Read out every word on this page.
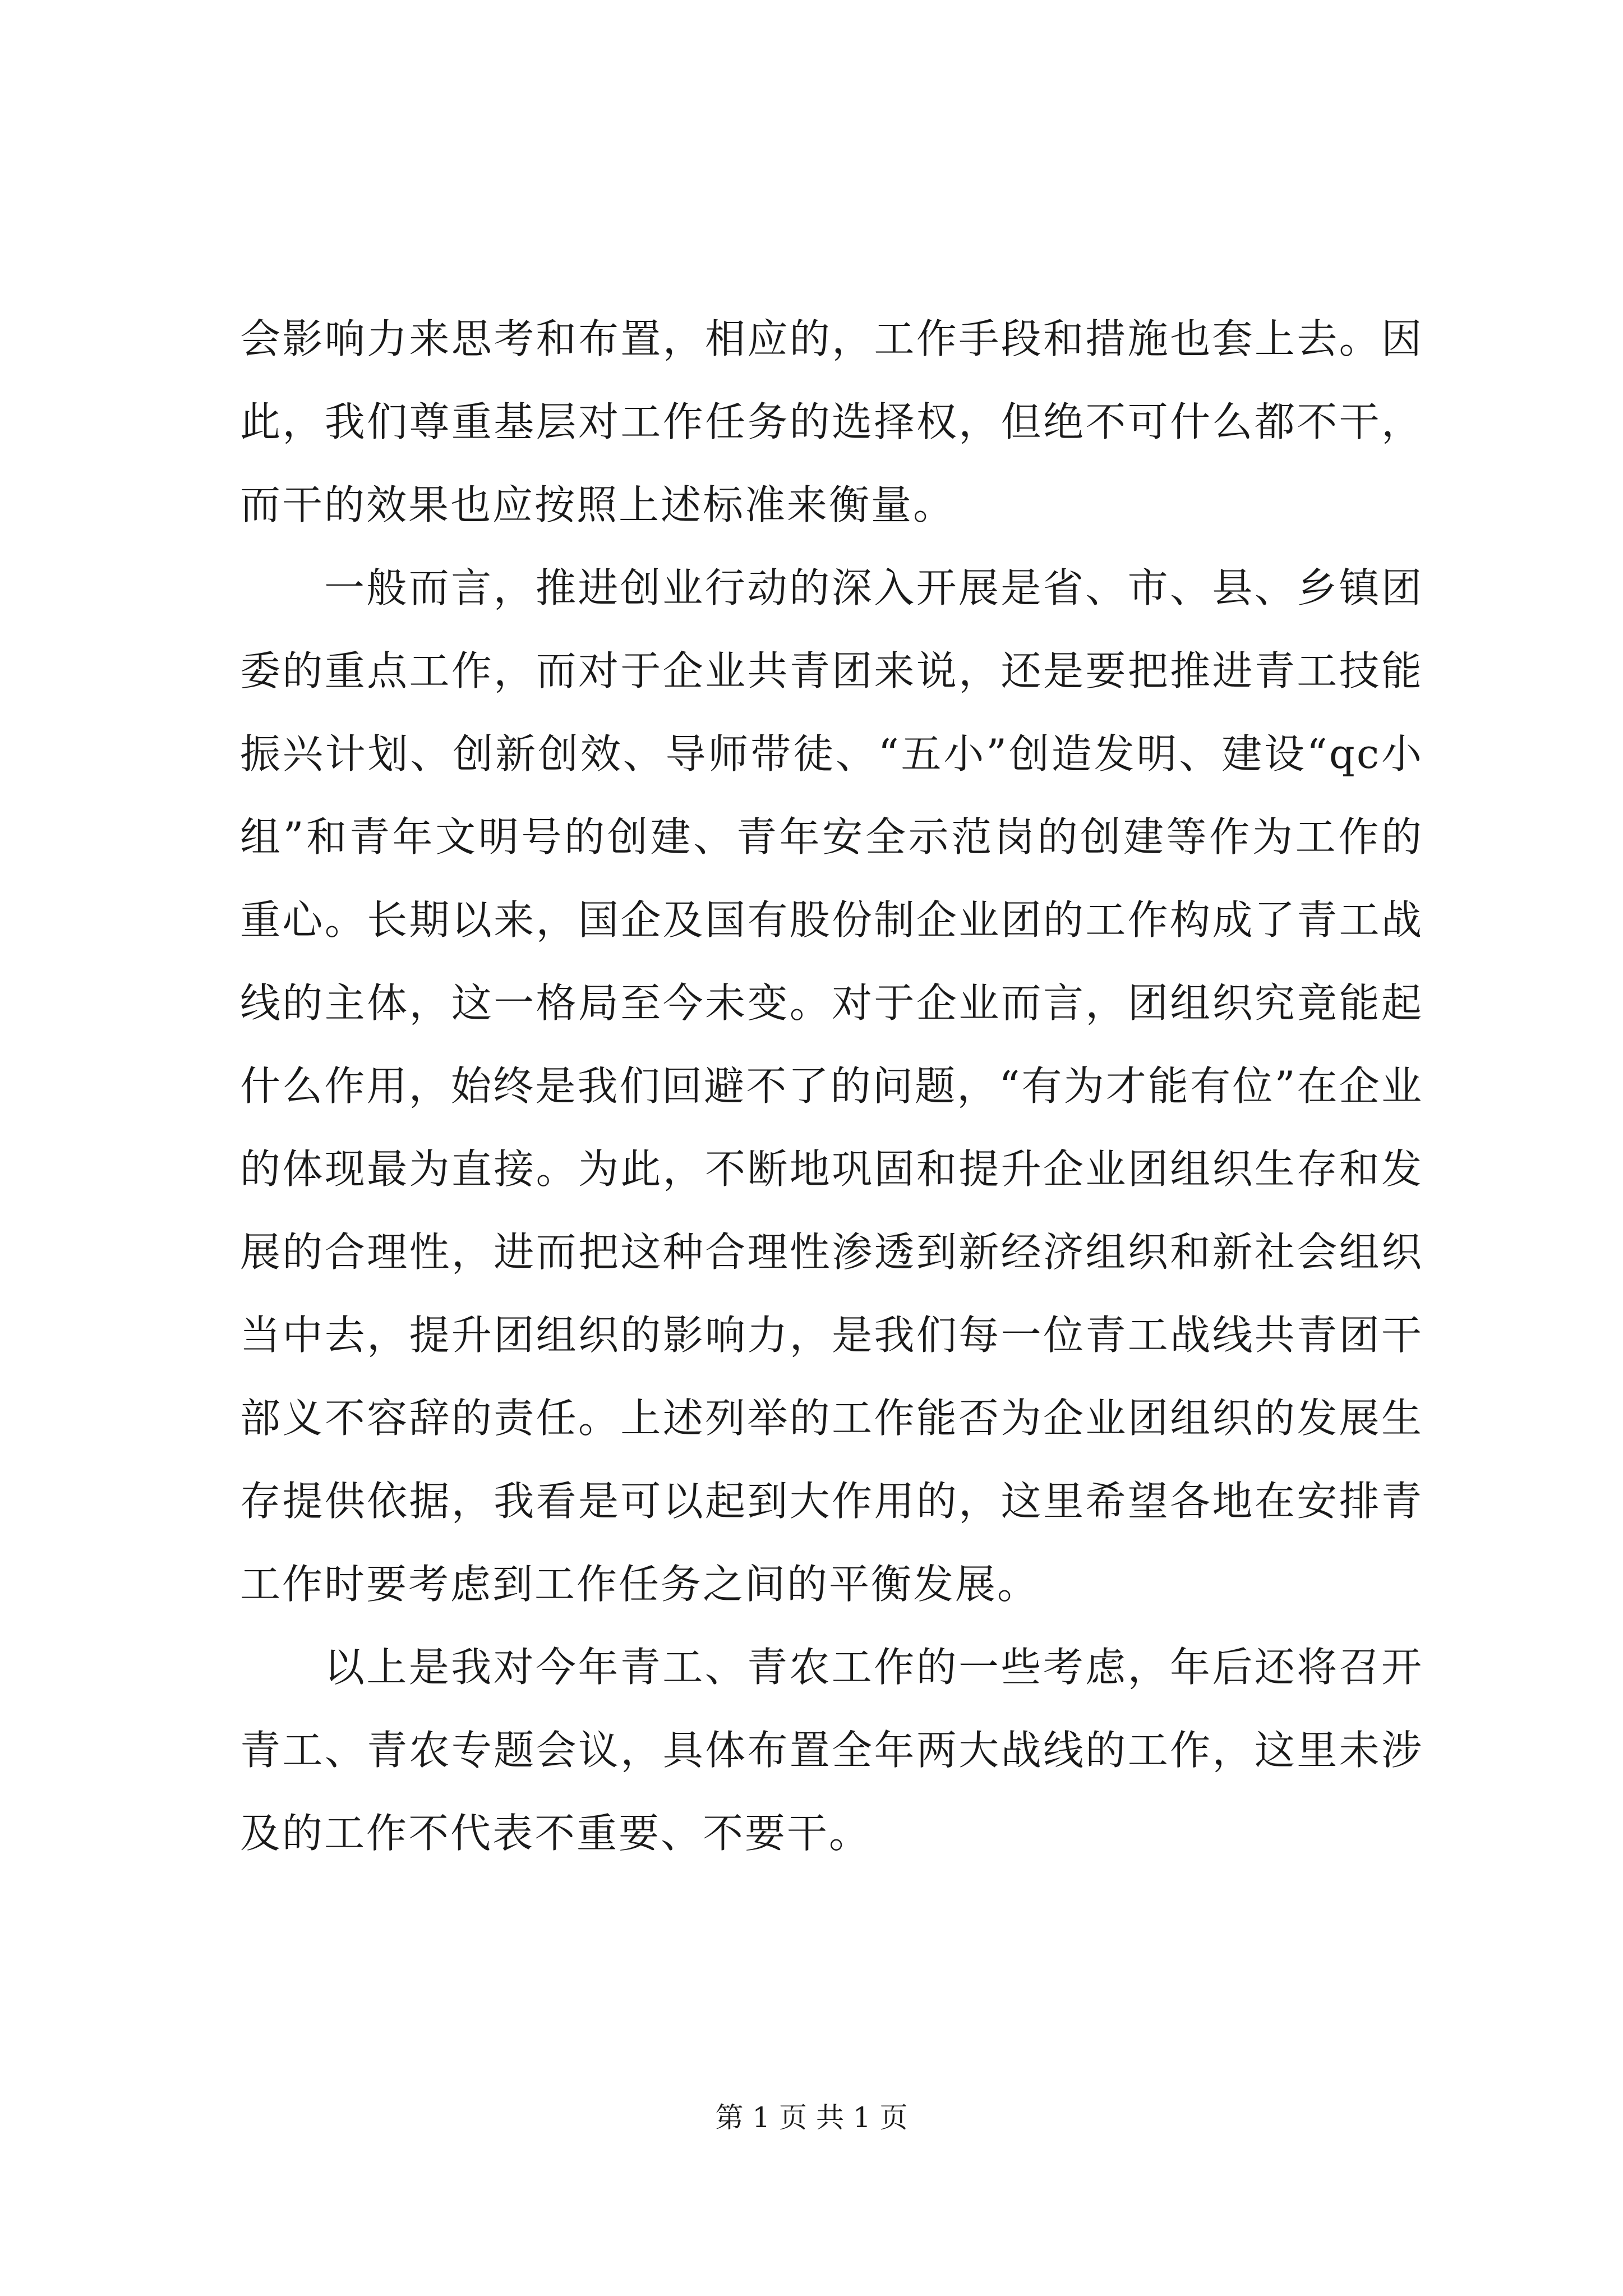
会影响力来思考和布置，相应的，工作手段和措施也套上去。因此，我们尊重基层对工作任务的选择权，但绝不可什么都不干，而干的效果也应按照上述标准来衡量。

一般而言，推进创业行动的深入开展是省、市、县、乡镇团委的重点工作，而对于企业共青团来说，还是要把推进青工技能振兴计划、创新创效、导师带徒、“五小”创造发明、建设“qc小组”和青年文明号的创建、青年安全示范岗的创建等作为工作的重心。长期以来，国企及国有股份制企业团的工作构成了青工战线的主体，这一格局至今未变。对于企业而言，团组织究竟能起什么作用，始终是我们回避不了的问题，“有为才能有位”在企业的体现最为直接。为此，不断地巩固和提升企业团组织生存和发展的合理性，进而把这种合理性渗透到新经济组织和新社会组织当中去，提升团组织的影响力，是我们每一位青工战线共青团干部义不容辞的责任。上述列举的工作能否为企业团组织的发展生存提供依据，我看是可以起到大作用的，这里希望各地在安排青工作时要考虑到工作任务之间的平衡发展。

以上是我对今年青工、青农工作的一些考虑，年后还将召开青工、青农专题会议，具体布置全年两大战线的工作，这里未涉及的工作不代表不重要、不要干。

第 1 页 共 1 页
